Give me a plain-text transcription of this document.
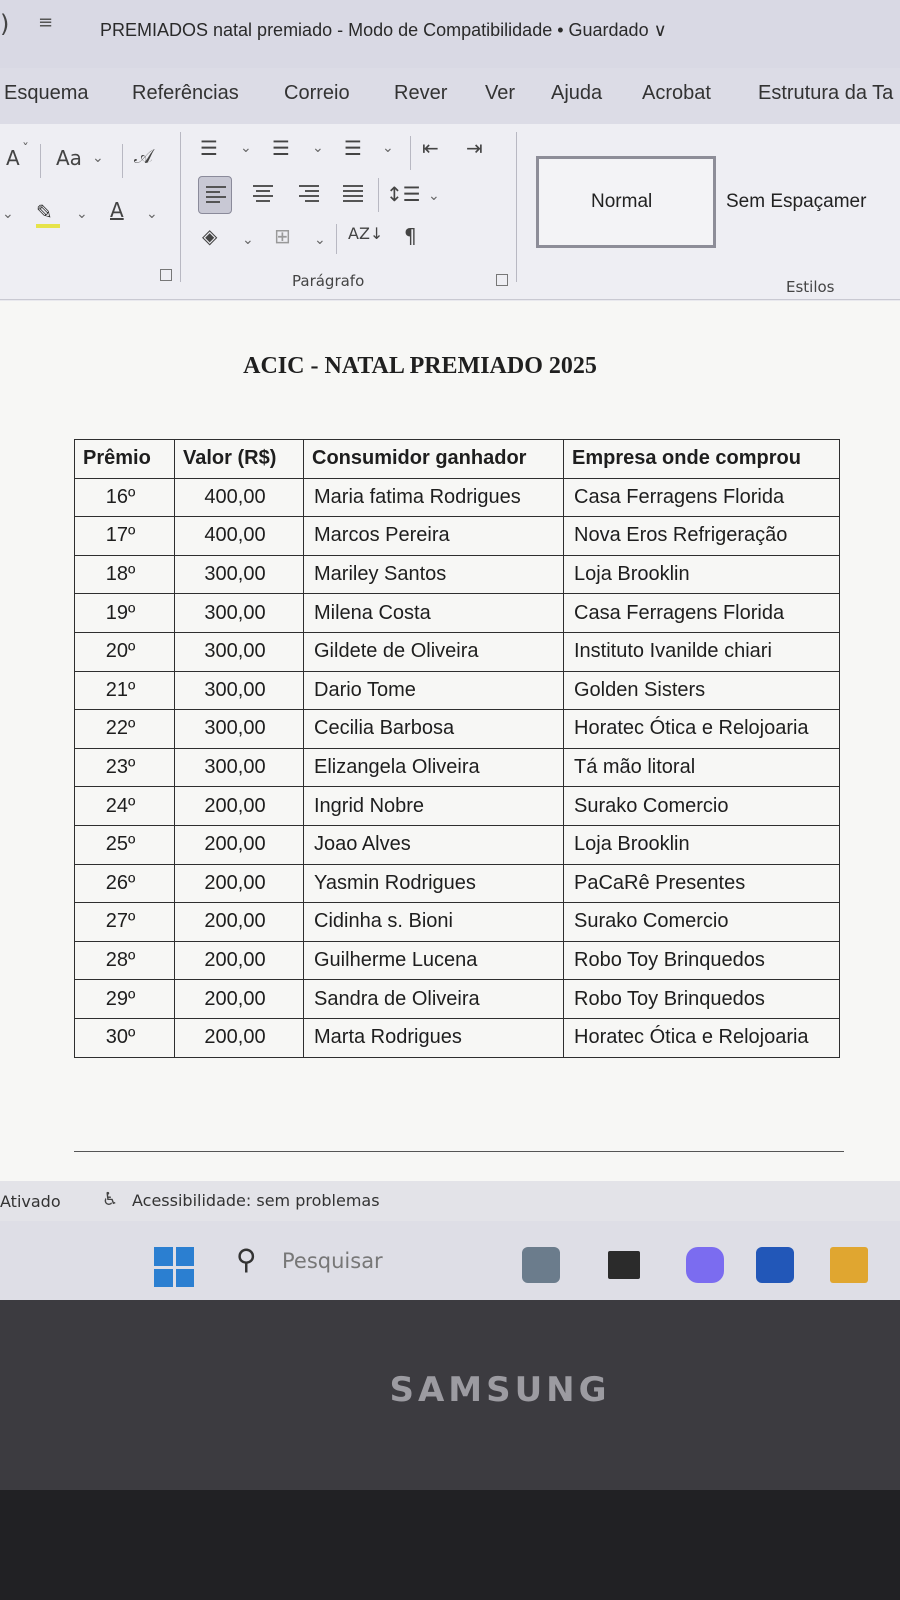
) ≡	PREMIADOS natal premiado - Modo de Compatibilidade • Guardado ∨
Esquema Referências Correio Rever Ver Ajuda Acrobat Estrutura da Ta
A ˇ Aa ⌄ 𝒜
⌄ ✎ ⌄ A ⌄
☰ ⌄ ☰ ⌄ ☰ ⌄ ⇤ ⇥
↕☰ ⌄
◈ ⌄ ⊞ ⌄ AZ↓ ¶
Parágrafo
Normal	Sem Espaçamer
Estilos
ACIC - NATAL PREMIADO 2025
Prêmio	Valor (R$)	Consumidor ganhador	Empresa onde comprou
16º	400,00	Maria fatima Rodrigues	Casa Ferragens Florida
17º	400,00	Marcos Pereira	Nova Eros Refrigeração
18º	300,00	Mariley Santos	Loja Brooklin
19º	300,00	Milena Costa	Casa Ferragens Florida
20º	300,00	Gildete de Oliveira	Instituto Ivanilde chiari
21º	300,00	Dario Tome	Golden Sisters
22º	300,00	Cecilia Barbosa	Horatec Ótica e Relojoaria
23º	300,00	Elizangela Oliveira	Tá mão litoral
24º	200,00	Ingrid Nobre	Surako Comercio
25º	200,00	Joao Alves	Loja Brooklin
26º	200,00	Yasmin Rodrigues	PaCaRê Presentes
27º	200,00	Cidinha s. Bioni	Surako Comercio
28º	200,00	Guilherme Lucena	Robo Toy Brinquedos
29º	200,00	Sandra de Oliveira	Robo Toy Brinquedos
30º	200,00	Marta Rodrigues	Horatec Ótica e Relojoaria
Ativado ♿ Acessibilidade: sem problemas
⚲ Pesquisar
SAMSUNG
